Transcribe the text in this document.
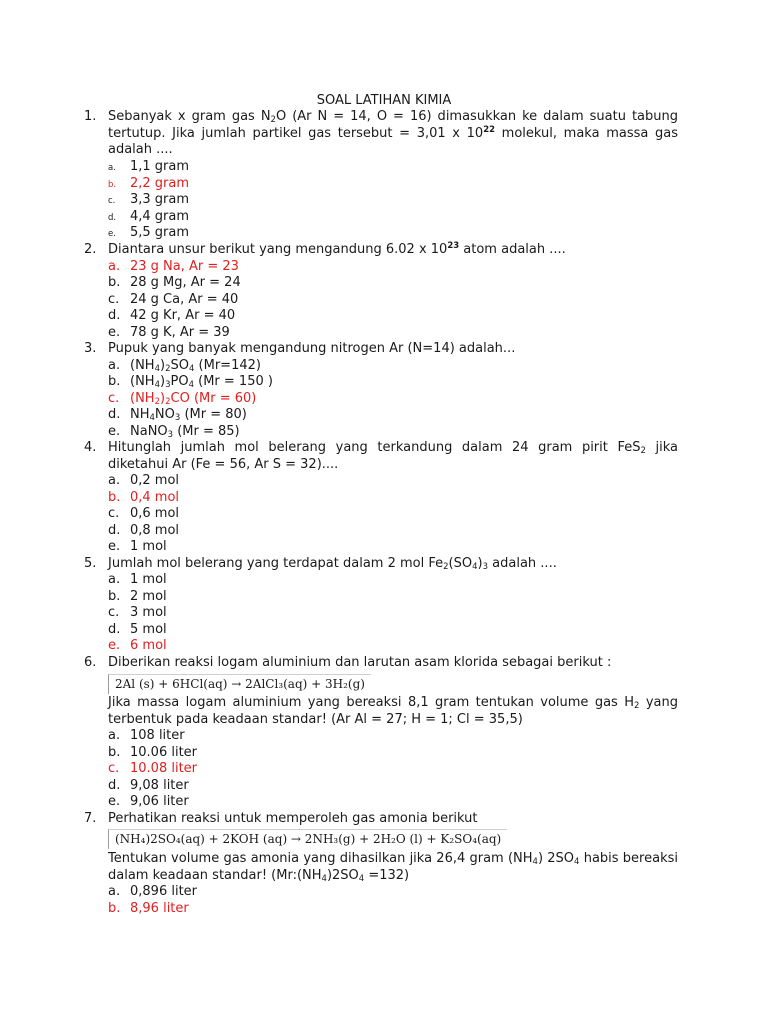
SOAL LATIHAN KIMIA
1. Sebanyak x gram gas $N_2O$ (Ar N = 14, O = 16) dimasukkan ke dalam suatu tabung tertutup. Jika jumlah partikel gas tersebut = 3,01 x $10^{22}$ molekul, maka massa gas adalah ....
a. 1,1 gram
b. 2,2 gram
c. 3,3 gram
d. 4,4 gram
e. 5,5 gram
2. Diantara unsur berikut yang mengandung 6.02 x $10^{23}$ atom adalah ....
a. 23 g Na, Ar = 23
b. 28 g Mg, Ar = 24
c. 24 g Ca, Ar = 40
d. 42 g Kr, Ar = 40
e. 78 g K, Ar = 39
3. Pupuk yang banyak mengandung nitrogen Ar (N=14) adalah...
a. $(NH_4)_2SO_4$ (Mr=142)
b. $(NH_4)_3PO_4$ (Mr = 150 )
c. $(NH_2)_2CO$ (Mr = 60)
d. $NH_4NO_3$ (Mr = 80)
e. NaNO$_3$ (Mr = 85)
4. Hitunglah jumlah mol belerang yang terkandung dalam 24 gram pirit FeS$_2$ jika diketahui Ar (Fe = 56, Ar S = 32)....
a. 0,2 mol
b. 0,4 mol
c. 0,6 mol
d. 0,8 mol
e. 1 mol
5. Jumlah mol belerang yang terdapat dalam 2 mol $Fe_2(SO_4)_3$ adalah ....
a. 1 mol
b. 2 mol
c. 3 mol
d. 5 mol
e. 6 mol
6. Diberikan reaksi logam aluminium dan larutan asam klorida sebagai berikut :
2Al (s) + 6HCl(aq) → 2AlCl₃(aq) + 3H₂(g)
Jika massa logam aluminium yang bereaksi 8,1 gram tentukan volume gas $H_2$ yang terbentuk pada keadaan standar! (Ar Al = 27; H = 1; Cl = 35,5)
a. 108 liter
b. 10.06 liter
c. 10.08 liter
d. 9,08 liter
e. 9,06 liter
7. Perhatikan reaksi untuk memperoleh gas amonia berikut
(NH₄)2SO₄(aq) + 2KOH (aq) → 2NH₃(g) + 2H₂O (l) + K₂SO₄(aq)
Tentukan volume gas amonia yang dihasilkan jika 26,4 gram $(NH_4)$ $2SO_4$ habis bereaksi dalam keadaan standar! $(Mr:(NH_4)2SO_4 =132)$
a. 0,896 liter
b. 8,96 liter
